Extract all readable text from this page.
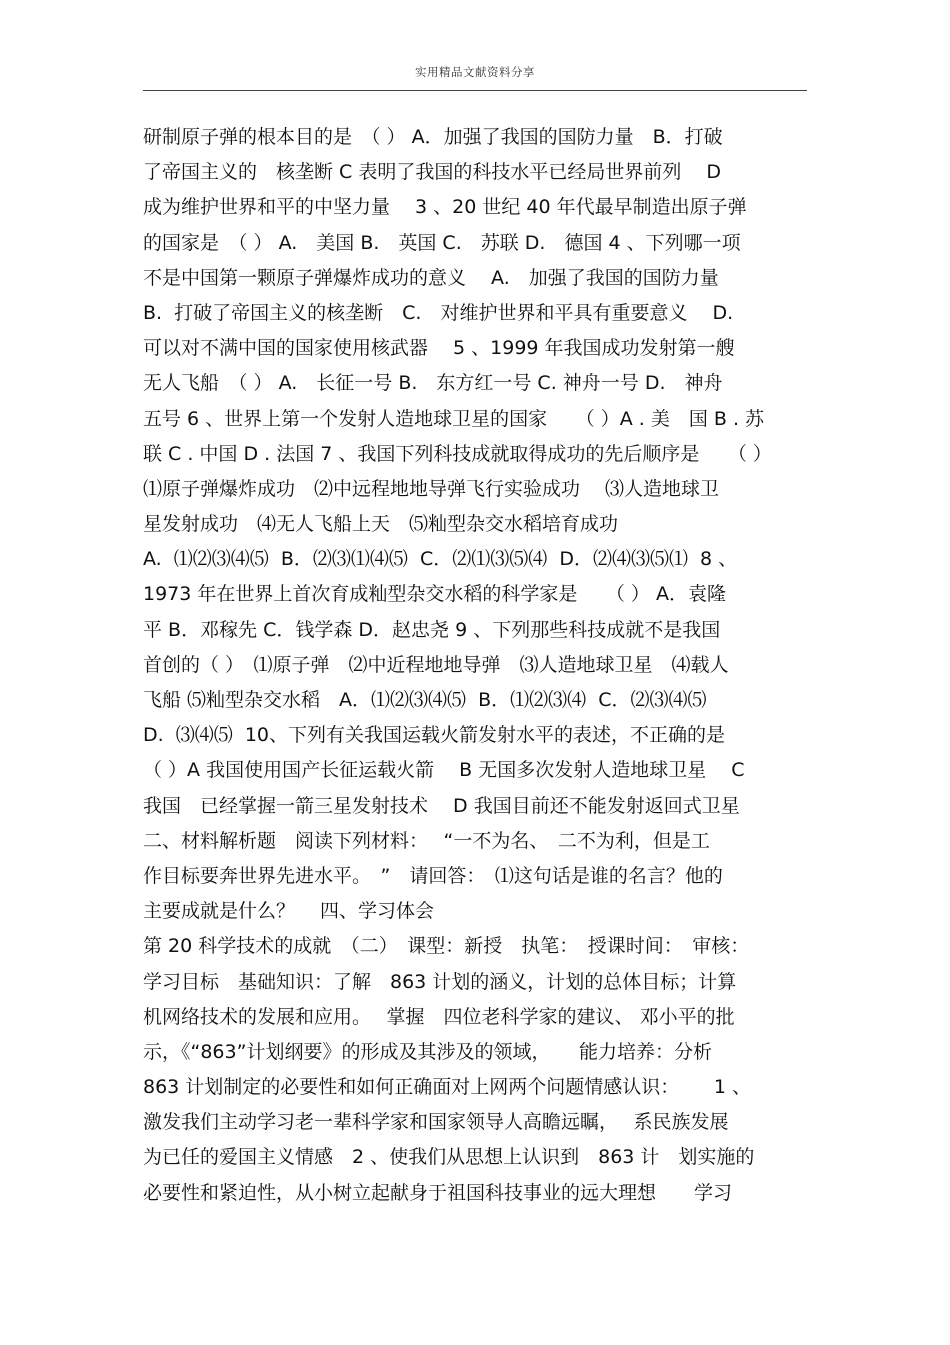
实用精品文献资料分享
研制原子弹的根本目的是　（ ） A．加强了我国的国防力量　B．打破
了帝国主义的　核垄断 C 表明了我国的科技水平已经局世界前列　 D
成为维护世界和平的中坚力量　 3 、20 世纪 40 年代最早制造出原子弹
的国家是　（ ） A.　美国 B.　英国 C.　苏联 D.　德国 4 、下列哪一项
不是中国第一颗原子弹爆炸成功的意义　 A.　加强了我国的国防力量
B.  打破了帝国主义的核垄断　C.　对维护世界和平具有重要意义　 D.
可以对不满中国的国家使用核武器　 5 、1999 年我国成功发射第一艘
无人飞船　（ ） A.　长征一号 B.　东方红一号 C. 神舟一号 D.　神舟
五号 6 、世界上第一个发射人造地球卫星的国家　　（ ）A . 美　国 B . 苏
联 C . 中国 D . 法国 7 、我国下列科技成就取得成功的先后顺序是　　（ ）
⑴原子弹爆炸成功　⑵中远程地地导弹飞行实验成功　 ⑶人造地球卫
星发射成功　⑷无人飞船上天　⑸籼型杂交水稻培育成功
A.  ⑴⑵⑶⑷⑸  B．⑵⑶⑴⑷⑸  C．⑵⑴⑶⑸⑷  D．⑵⑷⑶⑸⑴  8 、
1973 年在世界上首次育成籼型杂交水稻的科学家是　　（ ） A．袁隆
平 B．邓稼先 C．钱学森 D．赵忠尧 9 、下列那些科技成就不是我国
首创的（ ）　⑴原子弹　⑵中近程地地导弹　⑶人造地球卫星　⑷载人
飞船 ⑸籼型杂交水稻　A．⑴⑵⑶⑷⑸  B．⑴⑵⑶⑷  C．⑵⑶⑷⑸
D.  ⑶⑷⑸  10、下列有关我国运载火箭发射水平的表述，不正确的是
（ ）A 我国使用国产长征运载火箭　 B 无国多次发射人造地球卫星　 C
我国　已经掌握一箭三星发射技术　 D 我国目前还不能发射返回式卫星
二、材料解析题　阅读下列材料：　 “一不为名、　二不为利，但是工
作目标要奔世界先进水平。　”　请回答：　⑴这句话是谁的名言？他的
主要成就是什么？　 四、学习体会
第 20 科学技术的成就　（二）　课型：新授　执笔：　授课时间：　审核：
学习目标　基础知识：了解　863 计划的涵义，计划的总体目标；计算
机网络技术的发展和应用。　 掌握　四位老科学家的建议、 邓小平的批
示，《“863”计划纲要》的形成及其涉及的领域，　　能力培养：分析
863 计划制定的必要性和如何正确面对上网两个问题情感认识：　　 1 、
激发我们主动学习老一辈科学家和国家领导人高瞻远瞩，　 系民族发展
为已任的爱国主义情感　2 、使我们从思想上认识到　863 计　划实施的
必要性和紧迫性，从小树立起献身于祖国科技事业的远大理想　　学习
